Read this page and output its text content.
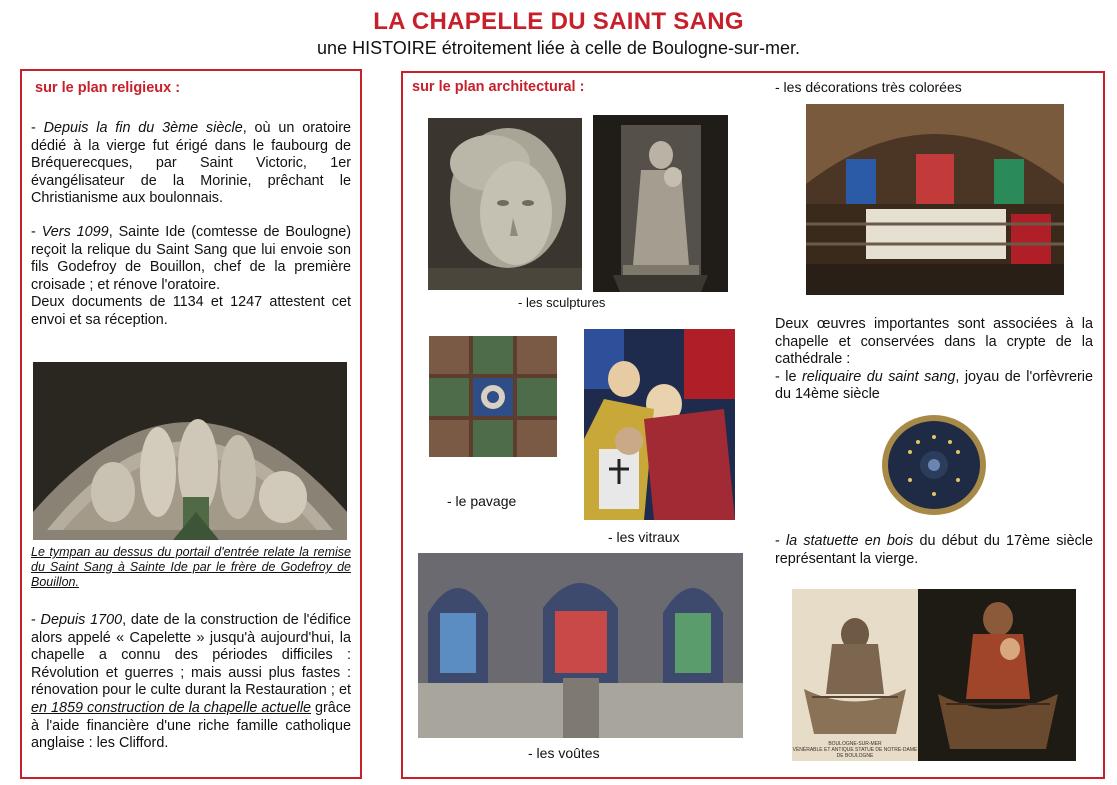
LA CHAPELLE DU SAINT SANG
une HISTOIRE étroitement liée à celle de Boulogne-sur-mer.
sur le plan religieux :

- Depuis la fin du 3ème siècle, où un oratoire dédié à la vierge fut érigé dans le faubourg de Bréquerecques, par Saint Victoric, 1er évangélisateur de la Morinie, prêchant le Christianisme aux boulonnais.

- Vers 1099, Sainte Ide (comtesse de Boulogne) reçoit la relique du Saint Sang que lui envoie son fils Godefroy de Bouillon, chef de la première croisade ; et rénove l'oratoire.

Deux documents de 1134 et 1247 attestent cet envoi et sa réception.

Le tympan au dessus du portail d'entrée relate la remise du Saint Sang à Sainte Ide par le frère de Godefroy de Bouillon.

- Depuis 1700, date de la construction de l'édifice alors appelé « Capelette » jusqu'à aujourd'hui, la chapelle a connu des périodes difficiles : Révolution et guerres ; mais aussi plus fastes : rénovation pour le culte durant la Restauration ; et en 1859 construction de la chapelle actuelle grâce à l'aide financière d'une riche famille catholique anglaise : les Clifford.

sur le plan architectural :
- les sculptures
- le pavage
- les vitraux
- les voûtes
- les décorations très colorées

Deux œuvres importantes sont associées à la chapelle et conservées dans la crypte de la cathédrale :

- le reliquaire du saint sang, joyau de l'orfèvrerie du 14ème siècle

- la statuette en bois du début du 17ème siècle représentant la vierge.

BOULOGNE-SUR-MER
VÉNÉRABLE ET ANTIQUE STATUE DE NOTRE-DAME DE BOULOGNE
